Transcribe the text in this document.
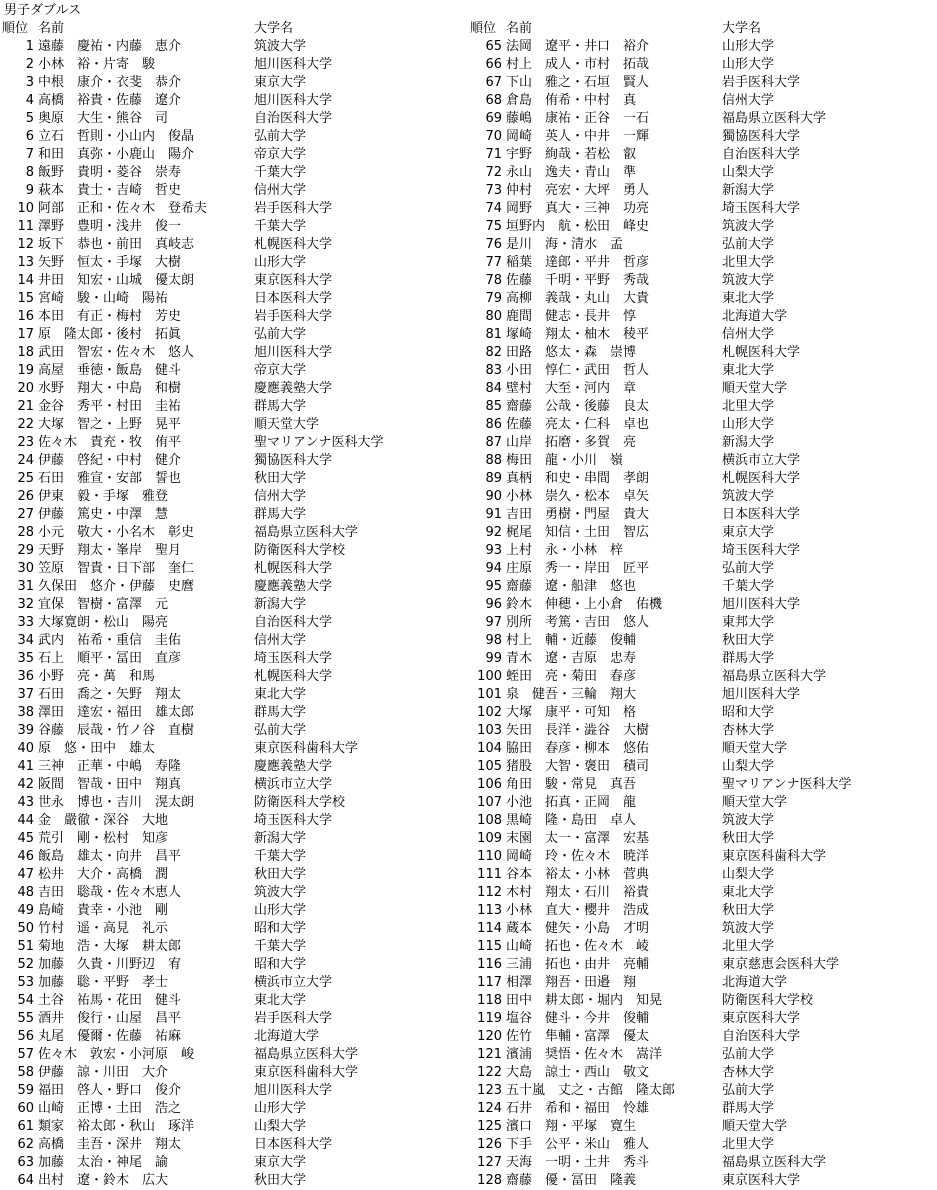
男子ダブルス
順位 名前	大学名
1 遠藤　慶祐・内藤　恵介	筑波大学
2 小林　裕・片寄　駿	旭川医科大学
3 中根　康介・衣斐　恭介	東京大学
4 高橋　裕貴・佐藤　遼介	旭川医科大学
5 奥原　大生・熊谷　司	自治医科大学
6 立石　哲則・小山内　俊晶	弘前大学
7 和田　真弥・小鹿山　陽介	帝京大学
8 飯野　貴明・菱谷　崇寿	千葉大学
9 萩本　貴士・吉崎　哲史	信州大学
10 阿部　正和・佐々木　登希夫	岩手医科大学
11 澤野　豊明・浅井　俊一	千葉大学
12 坂下　恭也・前田　真岐志	札幌医科大学
13 矢野　恒太・手塚　大樹	山形大学
14 井田　知宏・山城　優太朗	東京医科大学
15 宮崎　駿・山崎　陽祐	日本医科大学
16 本田　有正・梅村　芳史	岩手医科大学
17 原　隆太郎・後村　拓眞	弘前大学
18 武田　智宏・佐々木　悠人	旭川医科大学
19 高屋　垂徳・飯島　健斗	帝京大学
20 水野　翔大・中島　和樹	慶應義塾大学
21 金谷　秀平・村田　圭祐	群馬大学
22 大塚　智之・上野　晃平	順天堂大学
23 佐々木　貴充・牧　侑平	聖マリアンナ医科大学
24 伊藤　啓紀・中村　健介	獨協医科大学
25 石田　雅宣・安部　誓也	秋田大学
26 伊東　毅・手塚　雅登	信州大学
27 伊藤　篤史・中澤　慧	群馬大学
28 小元　敬大・小名木　彰史	福島県立医科大学
29 天野　翔太・峯岸　聖月	防衛医科大学校
30 笠原　智貴・日下部　奎仁	札幌医科大学
31 久保田　悠介・伊藤　史麿	慶應義塾大学
32 宜保　智樹・富澤　元	新潟大学
33 大塚寛朗・松山　陽亮	自治医科大学
34 武内　祐希・重信　圭佑	信州大学
35 石上　順平・冨田　直彦	埼玉医科大学
36 小野　亮・萬　和馬	札幌医科大学
37 石田　喬之・矢野　翔太	東北大学
38 澤田　達宏・福田　雄太郎	群馬大学
39 谷藤　辰哉・竹ノ谷　直樹	弘前大学
40 原　悠・田中　雄太	東京医科歯科大学
41 三神　正華・中嶋　寿隆	慶應義塾大学
42 阪間　智哉・田中　翔真	横浜市立大学
43 世永　博也・吉川　滉太朗	防衛医科大学校
44 金　嚴徹・深谷　大地	埼玉医科大学
45 荒引　剛・松村　知彦	新潟大学
46 飯島　雄太・向井　昌平	千葉大学
47 松井　大介・高橋　潤	秋田大学
48 吉田　聡哉・佐々木恵人	筑波大学
49 島崎　貴幸・小池　剛	山形大学
50 竹村　遥・高見　礼示	昭和大学
51 菊地　浩・大塚　耕太郎	千葉大学
52 加藤　久貴・川野辺　宥	昭和大学
53 加藤　聡・平野　孝士	横浜市立大学
54 土谷　祐馬・花田　健斗	東北大学
55 酒井　俊行・山屋　昌平	岩手医科大学
56 丸尾　優爾・佐藤　祐麻	北海道大学
57 佐々木　敦宏・小河原　峻	福島県立医科大学
58 伊藤　諒・川田　大介	東京医科歯科大学
59 福田　啓人・野口　俊介	旭川医科大学
60 山崎　正博・土田　浩之	山形大学
61 類家　裕太郎・秋山　琢洋	山梨大学
62 高橋　圭吾・深井　翔太	日本医科大学
63 加藤　太治・神尾　諭	東京大学
64 出村　遼・鈴木　広大	秋田大学
順位 名前	大学名
65 法岡　遼平・井口　裕介	山形大学
66 村上　成人・市村　拓哉	山形大学
67 下山　雅之・石垣　賢人	岩手医科大学
68 倉島　侑希・中村　真	信州大学
69 藤嶋　康祐・正谷　一石	福島県立医科大学
70 岡崎　英人・中井　一輝	獨協医科大学
71 宇野　絢哉・若松　叡	自治医科大学
72 永山　逸夫・青山　準	山梨大学
73 仲村　亮宏・大坪　勇人	新潟大学
74 岡野　真大・三神　功亮	埼玉医科大学
75 垣野内　航・松田　峰史	筑波大学
76 是川　海・清水　孟	弘前大学
77 稲葉　達郎・平井　哲彦	北里大学
78 佐藤　千明・平野　秀哉	筑波大学
79 高柳　義哉・丸山　大貴	東北大学
80 鹿間　健志・長井　惇	北海道大学
81 塚崎　翔太・柚木　稜平	信州大学
82 田路　悠太・森　崇博	札幌医科大学
83 小田　惇仁・武田　哲人	東北大学
84 壁村　大至・河内　章	順天堂大学
85 齋藤　公哉・後藤　良太	北里大学
86 佐藤　亮太・仁科　卓也	山形大学
87 山岸　拓磨・多賀　亮	新潟大学
88 梅田　龍・小川　嶺	横浜市立大学
89 真柄　和史・串間　孝朗	札幌医科大学
90 小林　崇久・松本　卓矢	筑波大学
91 吉田　勇樹・門屋　貴大	日本医科大学
92 梶尾　知信・土田　智広	東京大学
93 上村　永・小林　梓	埼玉医科大学
94 庄原　秀一・岸田　匠平	弘前大学
95 齋藤　遼・船津　悠也	千葉大学
96 鈴木　伸穂・上小倉　佑機	旭川医科大学
97 別所　考篤・吉田　悠人	東邦大学
98 村上　輔・近藤　俊輔	秋田大学
99 青木　遼・吉原　忠寿	群馬大学
100 蛭田　亮・菊田　春彦	福島県立医科大学
101 泉　健吾・三輪　翔大	旭川医科大学
102 大塚　康平・可知　格	昭和大学
103 矢田　長洋・澁谷　大樹	杏林大学
104 脇田　春彦・柳本　悠佑	順天堂大学
105 猪股　大智・褒田　積司	山梨大学
106 角田　駿・常見　真吾	聖マリアンナ医科大学
107 小池　拓真・正岡　龍	順天堂大学
108 黒崎　隆・島田　卓人	筑波大学
109 末園　太一・富澤　宏基	秋田大学
110 岡崎　玲・佐々木　暁洋	東京医科歯科大学
111 谷本　裕太・小林　菅典	山梨大学
112 木村　翔太・石川　裕貴	東北大学
113 小林　直大・櫻井　浩成	秋田大学
114 蔵本　健矢・小島　才明	筑波大学
115 山崎　拓也・佐々木　崚	北里大学
116 三浦　拓也・由井　亮輔	東京慈恵会医科大学
117 相澤　翔吾・田邉　翔	北海道大学
118 田中　耕太郎・堀内　知晃	防衛医科大学校
119 塩谷　健斗・今井　俊輔	東京医科大学
120 佐竹　隼輔・富澤　優太	自治医科大学
121 濱浦　奨悟・佐々木　嵩洋	弘前大学
122 大島　諒士・西山　敬文	杏林大学
123 五十嵐　丈之・古館　隆太郎	弘前大学
124 石井　希和・福田　怜雄	群馬大学
125 濱口　翔・平塚　寛生	順天堂大学
126 下手　公平・米山　雅人	北里大学
127 天海　一明・土井　秀斗	福島県立医科大学
128 齋藤　優・冨田　隆義	東京医科大学
